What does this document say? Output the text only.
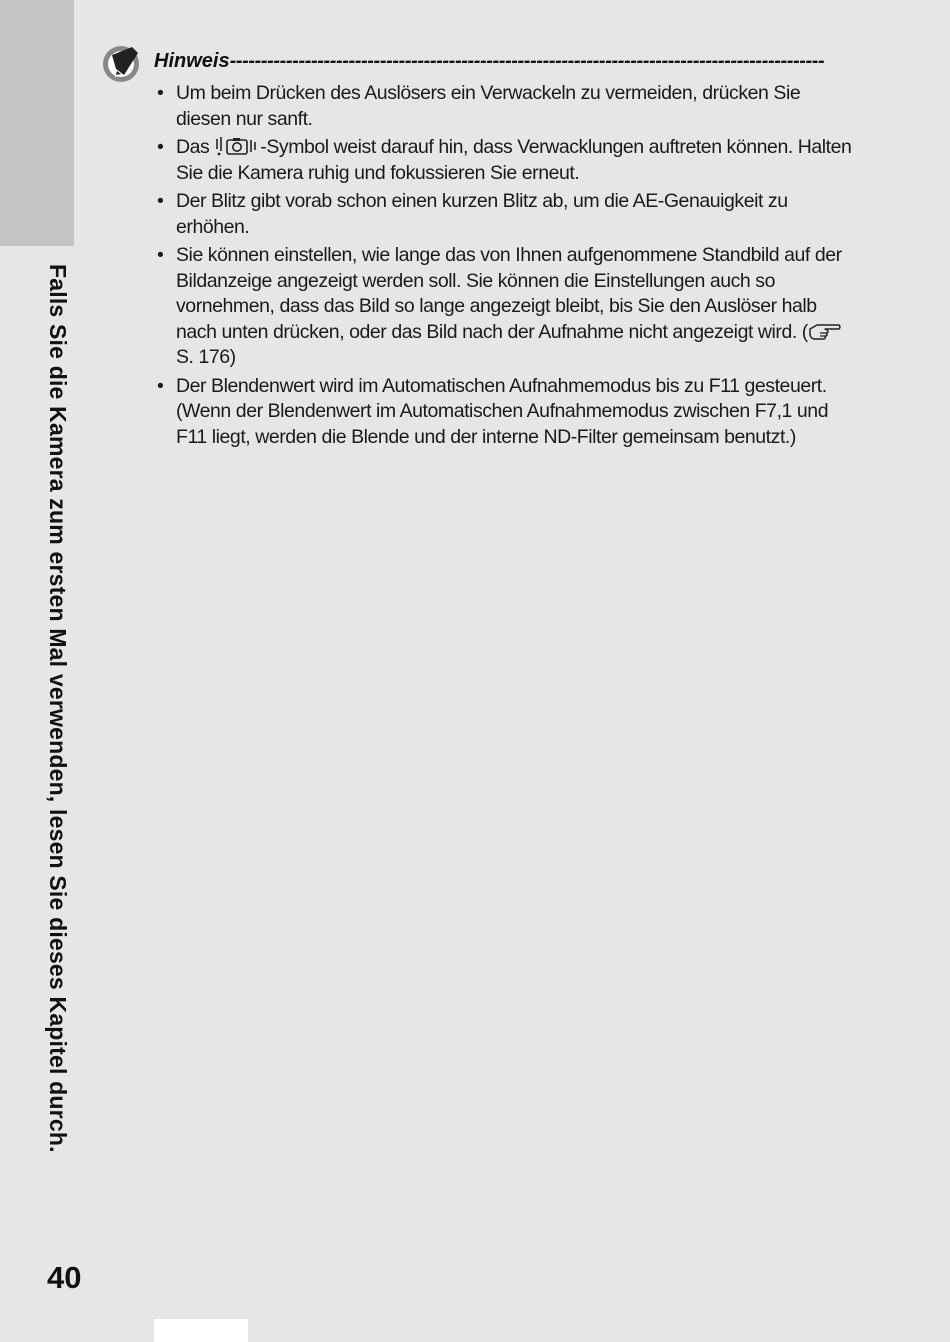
Falls Sie die Kamera zum ersten Mal verwenden, lesen Sie dieses Kapitel durch.
40
Hinweis-----------------------------------------------------------------------------------------------
• Um beim Drücken des Auslösers ein Verwackeln zu vermeiden, drücken Sie diesen nur sanft.
• Das -Symbol weist darauf hin, dass Verwacklungen auftreten können. Halten Sie die Kamera ruhig und fokussieren Sie erneut.
• Der Blitz gibt vorab schon einen kurzen Blitz ab, um die AE-Genauigkeit zu erhöhen.
• Sie können einstellen, wie lange das von Ihnen aufgenommene Standbild auf der Bildanzeige angezeigt werden soll. Sie können die Einstellungen auch so vornehmen, dass das Bild so lange angezeigt bleibt, bis Sie den Auslöser halb nach unten drücken, oder das Bild nach der Aufnahme nicht angezeigt wird. (S. 176)
• Der Blendenwert wird im Automatischen Aufnahmemodus bis zu F11 gesteuert. (Wenn der Blendenwert im Automatischen Aufnahmemodus zwischen F7,1 und F11 liegt, werden die Blende und der interne ND-Filter gemeinsam benutzt.)
